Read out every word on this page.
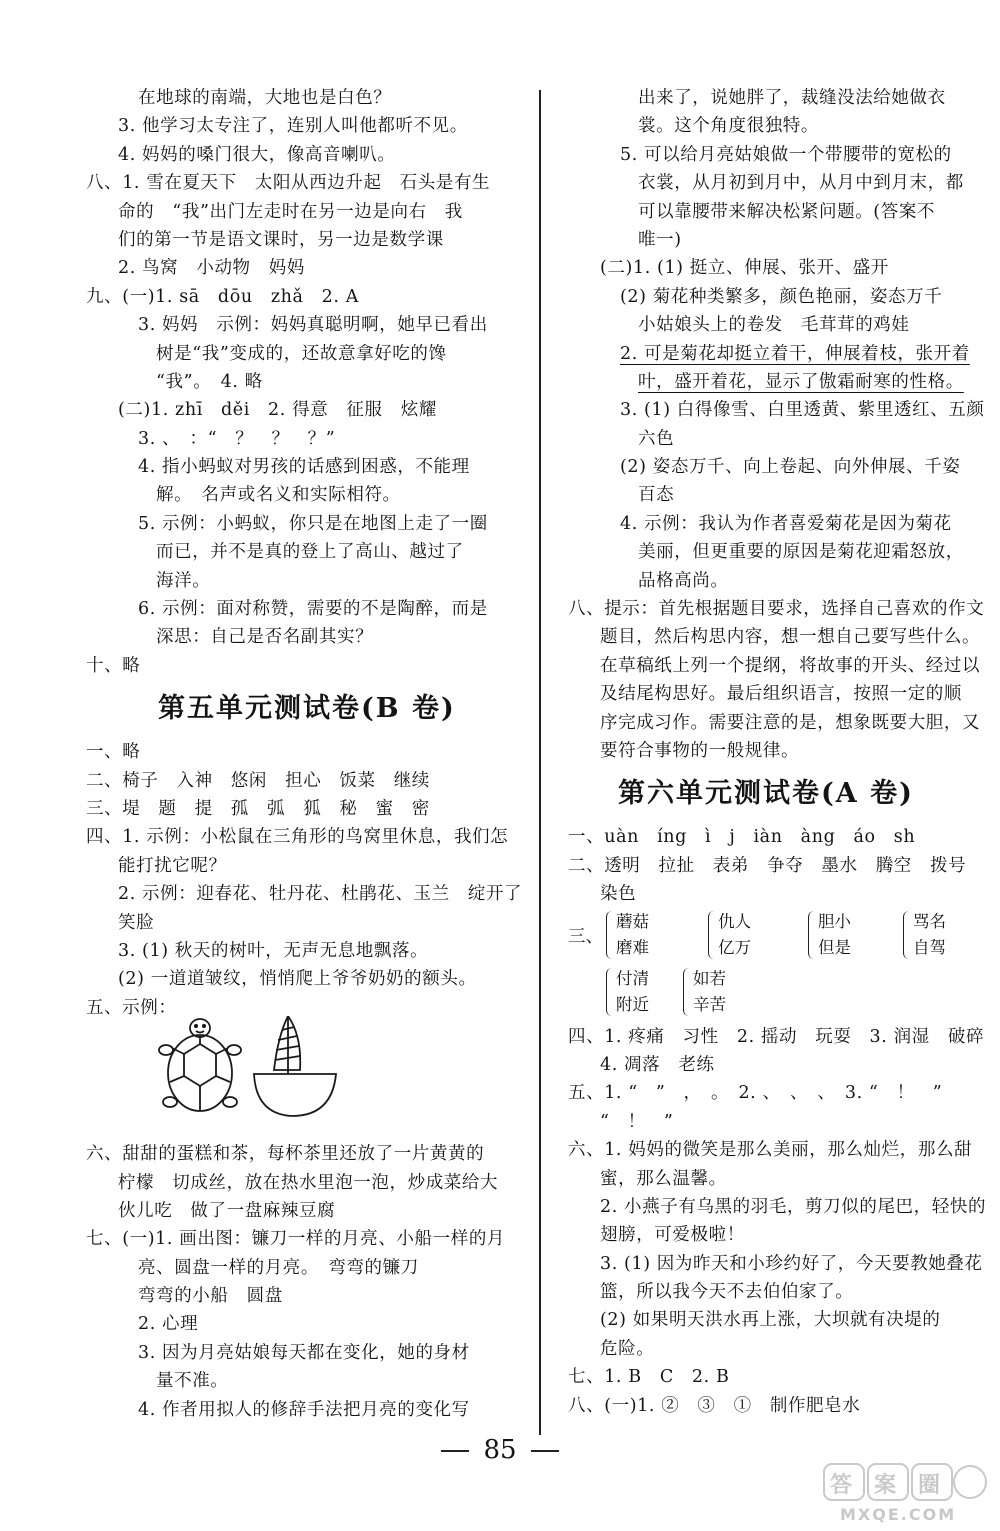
在地球的南端，大地也是白色？
3. 他学习太专注了，连别人叫他都听不见。
4. 妈妈的嗓门很大，像高音喇叭。
八、1. 雪在夏天下　太阳从西边升起　石头是有生
命的　“我”出门左走时在另一边是向右　我
们的第一节是语文课时，另一边是数学课
2. 鸟窝　小动物　妈妈
九、(一)1. sā　dōu　zhǎ　2. A
3. 妈妈　示例：妈妈真聪明啊，她早已看出
树是“我”变成的，还故意拿好吃的馋
“我”。　4. 略
(二)1. zhī　děi　2. 得意　征服　炫耀
3. 、　：“　？　？　？”
4. 指小蚂蚁对男孩的话感到困惑，不能理
解。　名声或名义和实际相符。
5. 示例：小蚂蚁，你只是在地图上走了一圈
而已，并不是真的登上了高山、越过了
海洋。
6. 示例：面对称赞，需要的不是陶醉，而是
深思：自己是否名副其实？
十、略
第五单元测试卷(B 卷)
一、略
二、椅子　入神　悠闲　担心　饭菜　继续
三、堤　题　提　孤　弧　狐　秘　蜜　密
四、1. 示例：小松鼠在三角形的鸟窝里休息，我们怎
能打扰它呢？
2. 示例：迎春花、牡丹花、杜鹃花、玉兰　绽开了
笑脸
3. (1) 秋天的树叶，无声无息地飘落。
(2) 一道道皱纹，悄悄爬上爷爷奶奶的额头。
五、示例：
六、甜甜的蛋糕和茶，每杯茶里还放了一片黄黄的
柠檬　切成丝，放在热水里泡一泡，炒成菜给大
伙儿吃　做了一盘麻辣豆腐
七、(一)1. 画出图：镰刀一样的月亮、小船一样的月
亮、圆盘一样的月亮。　弯弯的镰刀
弯弯的小船　圆盘
2. 心理
3. 因为月亮姑娘每天都在变化，她的身材
量不准。
4. 作者用拟人的修辞手法把月亮的变化写
出来了，说她胖了，裁缝没法给她做衣
裳。这个角度很独特。
5. 可以给月亮姑娘做一个带腰带的宽松的
衣裳，从月初到月中，从月中到月末，都
可以靠腰带来解决松紧问题。(答案不
唯一)
(二)1. (1) 挺立、伸展、张开、盛开
(2) 菊花种类繁多，颜色艳丽，姿态万千
小姑娘头上的卷发　毛茸茸的鸡娃
2. 可是菊花却挺立着干，伸展着枝，张开着
叶，盛开着花，显示了傲霜耐寒的性格。
3. (1) 白得像雪、白里透黄、紫里透红、五颜
六色
(2) 姿态万千、向上卷起、向外伸展、千姿
百态
4. 示例：我认为作者喜爱菊花是因为菊花
美丽，但更重要的原因是菊花迎霜怒放，
品格高尚。
八、提示：首先根据题目要求，选择自己喜欢的作文
题目，然后构思内容，想一想自己要写些什么。
在草稿纸上列一个提纲，将故事的开头、经过以
及结尾构思好。最后组织语言，按照一定的顺
序完成习作。需要注意的是，想象既要大胆，又
要符合事物的一般规律。
第六单元测试卷(A 卷)
一、uàn　íng　ì　j　iàn　àng　áo　sh
二、透明　拉扯　表弟　争夺　墨水　腾空　拨号
染色
三、
蘑菇
磨难
仇人
亿万
胆小
但是
骂名
自驾
付清
附近
如若
辛苦
四、1. 疼痛　习性　2. 摇动　玩耍　3. 润湿　破碎
4. 凋落　老练
五、1. “　”　，　。　2. 、　、　、　3. “　！　”
“　！　”
六、1. 妈妈的微笑是那么美丽，那么灿烂，那么甜
蜜，那么温馨。
2. 小燕子有乌黑的羽毛，剪刀似的尾巴，轻快的
翅膀，可爱极啦！
3. (1) 因为昨天和小珍约好了，今天要教她叠花
篮，所以我今天不去伯伯家了。
(2) 如果明天洪水再上涨，大坝就有决堤的
危险。
七、1. B　C　2. B
八、(一)1. ②　③　①　制作肥皂水
85
答 案 圈
MXQE.COM
